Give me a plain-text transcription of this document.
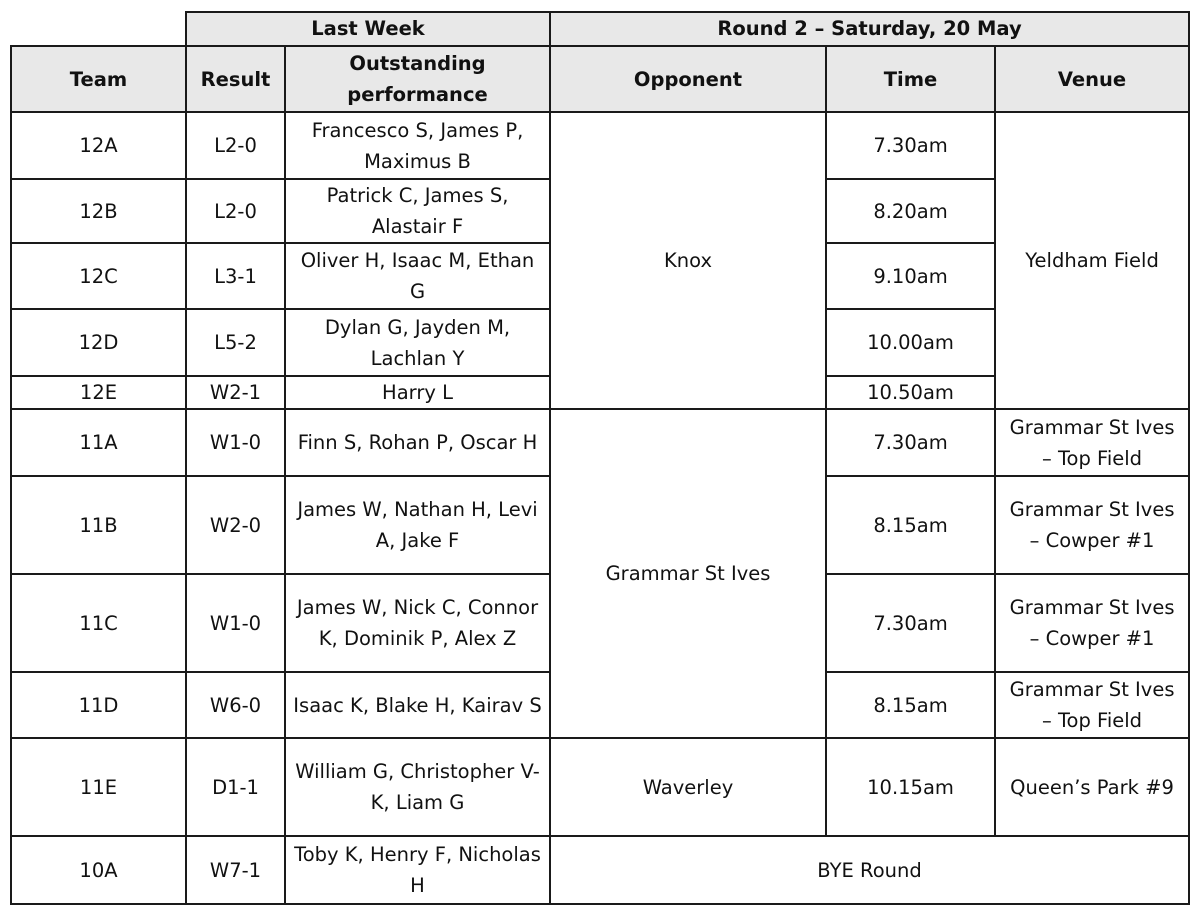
	Last Week		Round 2 – Saturday, 20 May		
Team	Result	Outstanding performance	Opponent	Time	Venue
12A	L2-0	Francesco S, James P, Maximus B	Knox	7.30am	Yeldham Field
12B	L2-0	Patrick C, James S, Alastair F		8.20am	
12C	L3-1	Oliver H, Isaac M, Ethan G		9.10am	
12D	L5-2	Dylan G, Jayden M, Lachlan Y		10.00am	
12E	W2-1	Harry L		10.50am	
11A	W1-0	Finn S, Rohan P, Oscar H	Grammar St Ives	7.30am	Grammar St Ives – Top Field
11B	W2-0	James W, Nathan H, Levi A, Jake F		8.15am	Grammar St Ives – Cowper #1
11C	W1-0	James W, Nick C, Connor K, Dominik P, Alex Z		7.30am	Grammar St Ives – Cowper #1
11D	W6-0	Isaac K, Blake H, Kairav S		8.15am	Grammar St Ives – Top Field
11E	D1-1	William G, Christopher V-K, Liam G	Waverley	10.15am	Queen’s Park #9
10A	W7-1	Toby K, Henry F, Nicholas H	BYE Round		
